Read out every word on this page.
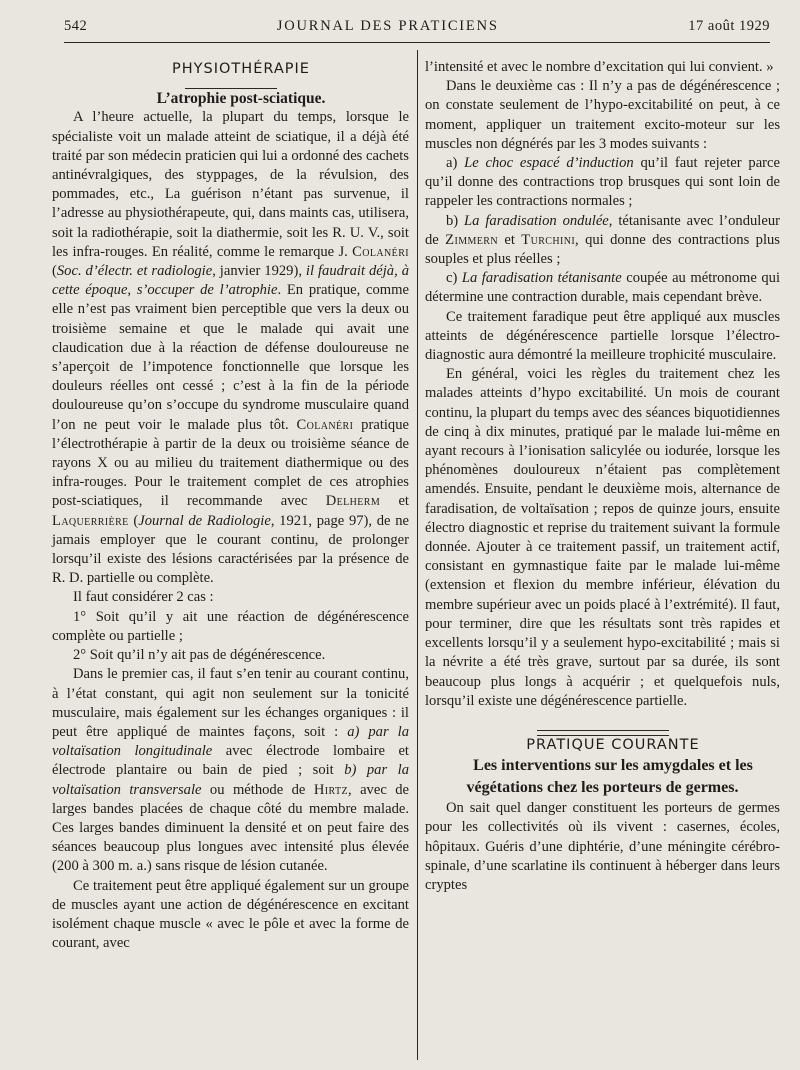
542	JOURNAL DES PRATICIENS	17 août 1929

PHYSIOTHÉRAPIE

L’atrophie post-sciatique.

A l’heure actuelle, la plupart du temps, lorsque le spécialiste voit un malade atteint de sciatique, il a déjà été traité par son médecin praticien qui lui a ordonné des cachets antinévralgiques, des styppages, de la révulsion, des pommades, etc., La guérison n’étant pas survenue, il l’adresse au physiothérapeute, qui, dans maints cas, utilisera, soit la radiothérapie, soit la diathermie, soit les R. U. V., soit les infra-rouges. En réalité, comme le remarque J. Colanéri (Soc. d’électr. et radiologie, janvier 1929), il faudrait déjà, à cette époque, s’occuper de l’atrophie. En pratique, comme elle n’est pas vraiment bien perceptible que vers la deux ou troisième semaine et que le malade qui avait une claudication due à la réaction de défense douloureuse ne s’aperçoit de l’impotence fonctionnelle que lorsque les douleurs réelles ont cessé ; c’est à la fin de la période douloureuse qu’on s’occupe du syndrome musculaire quand l’on ne peut voir le malade plus tôt. Colanéri pratique l’électrothérapie à partir de la deux ou troisième séance de rayons X ou au milieu du traitement diathermique ou des infra-rouges. Pour le traitement complet de ces atrophies post-sciatiques, il recommande avec Delherm et Laquerrière (Journal de Radiologie, 1921, page 97), de ne jamais employer que le courant continu, de prolonger lorsqu’il existe des lésions caractérisées par la présence de R. D. partielle ou complète.

Il faut considérer 2 cas :

1° Soit qu’il y ait une réaction de dégénérescence complète ou partielle ;

2° Soit qu’il n’y ait pas de dégénérescence.

Dans le premier cas, il faut s’en tenir au courant continu, à l’état constant, qui agit non seulement sur la tonicité musculaire, mais également sur les échanges organiques : il peut être appliqué de maintes façons, soit : a) par la voltaïsation longitudinale avec électrode lombaire et électrode plantaire ou bain de pied ; soit b) par la voltaïsation transversale ou méthode de Hirtz, avec de larges bandes placées de chaque côté du membre malade. Ces larges bandes diminuent la densité et on peut faire des séances beaucoup plus longues avec intensité plus élevée (200 à 300 m. a.) sans risque de lésion cutanée.

Ce traitement peut être appliqué également sur un groupe de muscles ayant une action de dégénérescence en excitant isolément chaque muscle « avec le pôle et avec la forme de courant, avec

l’intensité et avec le nombre d’excitation qui lui convient. »

Dans le deuxième cas : Il n’y a pas de dégénérescence ; on constate seulement de l’hypo-excitabilité on peut, à ce moment, appliquer un traitement excito-moteur sur les muscles non dégnérés par les 3 modes suivants :

a) Le choc espacé d’induction qu’il faut rejeter parce qu’il donne des contractions trop brusques qui sont loin de rappeler les contractions normales ;

b) La faradisation ondulée, tétanisante avec l’onduleur de Zimmern et Turchini, qui donne des contractions plus souples et plus réelles ;

c) La faradisation tétanisante coupée au métronome qui détermine une contraction durable, mais cependant brève.

Ce traitement faradique peut être appliqué aux muscles atteints de dégénérescence partielle lorsque l’électro-diagnostic aura démontré la meilleure trophicité musculaire.

En général, voici les règles du traitement chez les malades atteints d’hypo excitabilité. Un mois de courant continu, la plupart du temps avec des séances biquotidiennes de cinq à dix minutes, pratiqué par le malade lui-même en ayant recours à l’ionisation salicylée ou iodurée, lorsque les phénomènes douloureux n’étaient pas complètement amendés. Ensuite, pendant le deuxième mois, alternance de faradisation, de voltaïsation ; repos de quinze jours, ensuite électro diagnostic et reprise du traitement suivant la formule donnée. Ajouter à ce traitement passif, un traitement actif, consistant en gymnastique faite par le malade lui-même (extension et flexion du membre inférieur, élévation du membre supérieur avec un poids placé à l’extrémité). Il faut, pour terminer, dire que les résultats sont très rapides et excellents lorsqu’il y a seulement hypo-excitabilité ; mais si la névrite a été très grave, surtout par sa durée, ils sont beaucoup plus longs à acquérir ; et quelquefois nuls, lorsqu’il existe une dégénérescence partielle.

PRATIQUE COURANTE

Les interventions sur les amygdales et les végétations chez les porteurs de germes.

On sait quel danger constituent les porteurs de germes pour les collectivités où ils vivent : casernes, écoles, hôpitaux. Guéris d’une diphtérie, d’une méningite cérébro-spinale, d’une scarlatine ils continuent à héberger dans leurs cryptes
